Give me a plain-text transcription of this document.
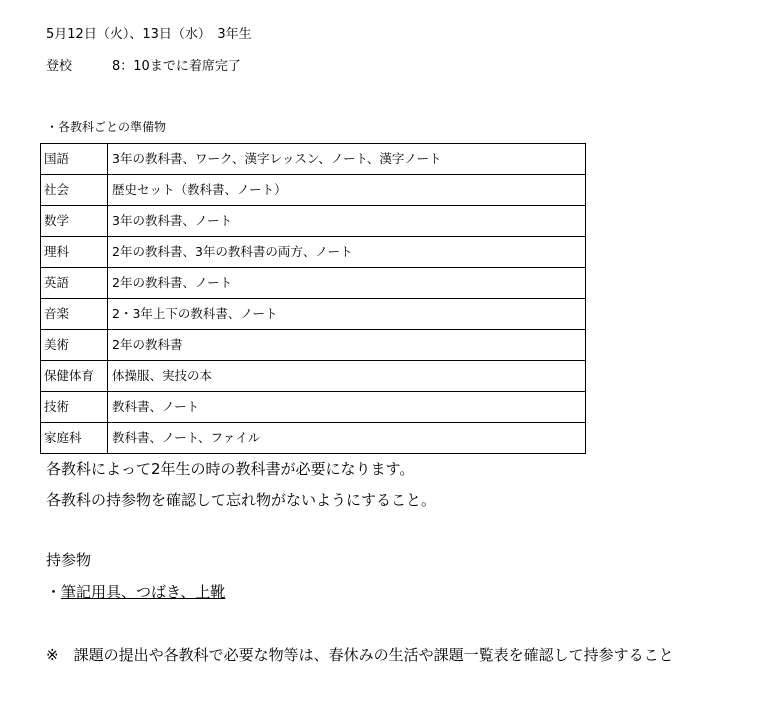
5月12日（火）、13日（水）　3年生
登校	8：10までに着席完了
・各教科ごとの準備物
国語	3年の教科書、ワーク、漢字レッスン、ノート、漢字ノート
社会	歴史セット（教科書、ノート）
数学	3年の教科書、ノート
理科	2年の教科書、3年の教科書の両方、ノート
英語	2年の教科書、ノート
音楽	2・3年上下の教科書、ノート
美術	2年の教科書
保健体育	体操服、実技の本
技術	教科書、ノート
家庭科	教科書、ノート、ファイル
各教科によって2年生の時の教科書が必要になります。
各教科の持参物を確認して忘れ物がないようにすること。
持参物
・筆記用具、つばき、上靴
※　課題の提出や各教科で必要な物等は、春休みの生活や課題一覧表を確認して持参すること
